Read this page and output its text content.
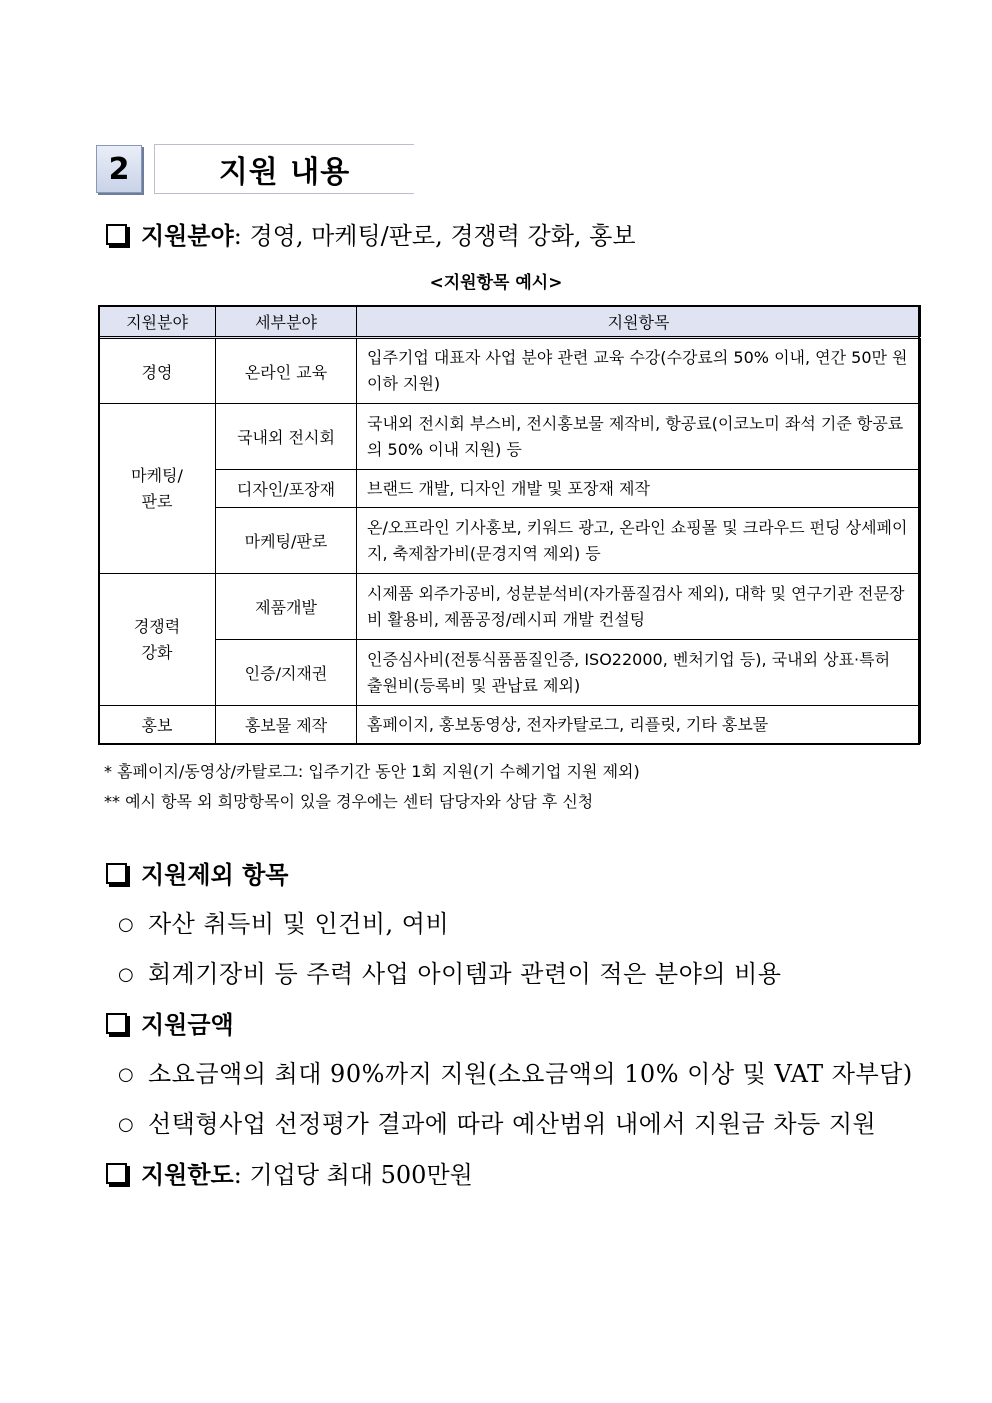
2	지원 내용
지원분야: 경영, 마케팅/판로, 경쟁력 강화, 홍보
<지원항목 예시>
지원분야	세부분야	지원항목
경영	온라인 교육	입주기업 대표자 사업 분야 관련 교육 수강(수강료의 50% 이내, 연간 50만 원 이하 지원)
마케팅/
판로	국내외 전시회	국내외 전시회 부스비, 전시홍보물 제작비, 항공료(이코노미 좌석 기준 항공료의 50% 이내 지원) 등
	디자인/포장재	브랜드 개발, 디자인 개발 및 포장재 제작
	마케팅/판로	온/오프라인 기사홍보, 키워드 광고, 온라인 쇼핑몰 및 크라우드 펀딩 상세페이지, 축제참가비(문경지역 제외) 등
경쟁력
강화	제품개발	시제품 외주가공비, 성분분석비(자가품질검사 제외), 대학 및 연구기관 전문장비 활용비, 제품공정/레시피 개발 컨설팅
	인증/지재권	인증심사비(전통식품품질인증, ISO22000, 벤처기업 등), 국내외 상표·특허 출원비(등록비 및 관납료 제외)
홍보	홍보물 제작	홈페이지, 홍보동영상, 전자카탈로그, 리플릿, 기타 홍보물
* 홈페이지/동영상/카탈로그: 입주기간 동안 1회 지원(기 수혜기업 지원 제외)
** 예시 항목 외 희망항목이 있을 경우에는 센터 담당자와 상담 후 신청
지원제외 항목
○ 자산 취득비 및 인건비, 여비
○ 회계기장비 등 주력 사업 아이템과 관련이 적은 분야의 비용
지원금액
○ 소요금액의 최대 90%까지 지원(소요금액의 10% 이상 및 VAT 자부담)
○ 선택형사업 선정평가 결과에 따라 예산범위 내에서 지원금 차등 지원
지원한도: 기업당 최대 500만원
